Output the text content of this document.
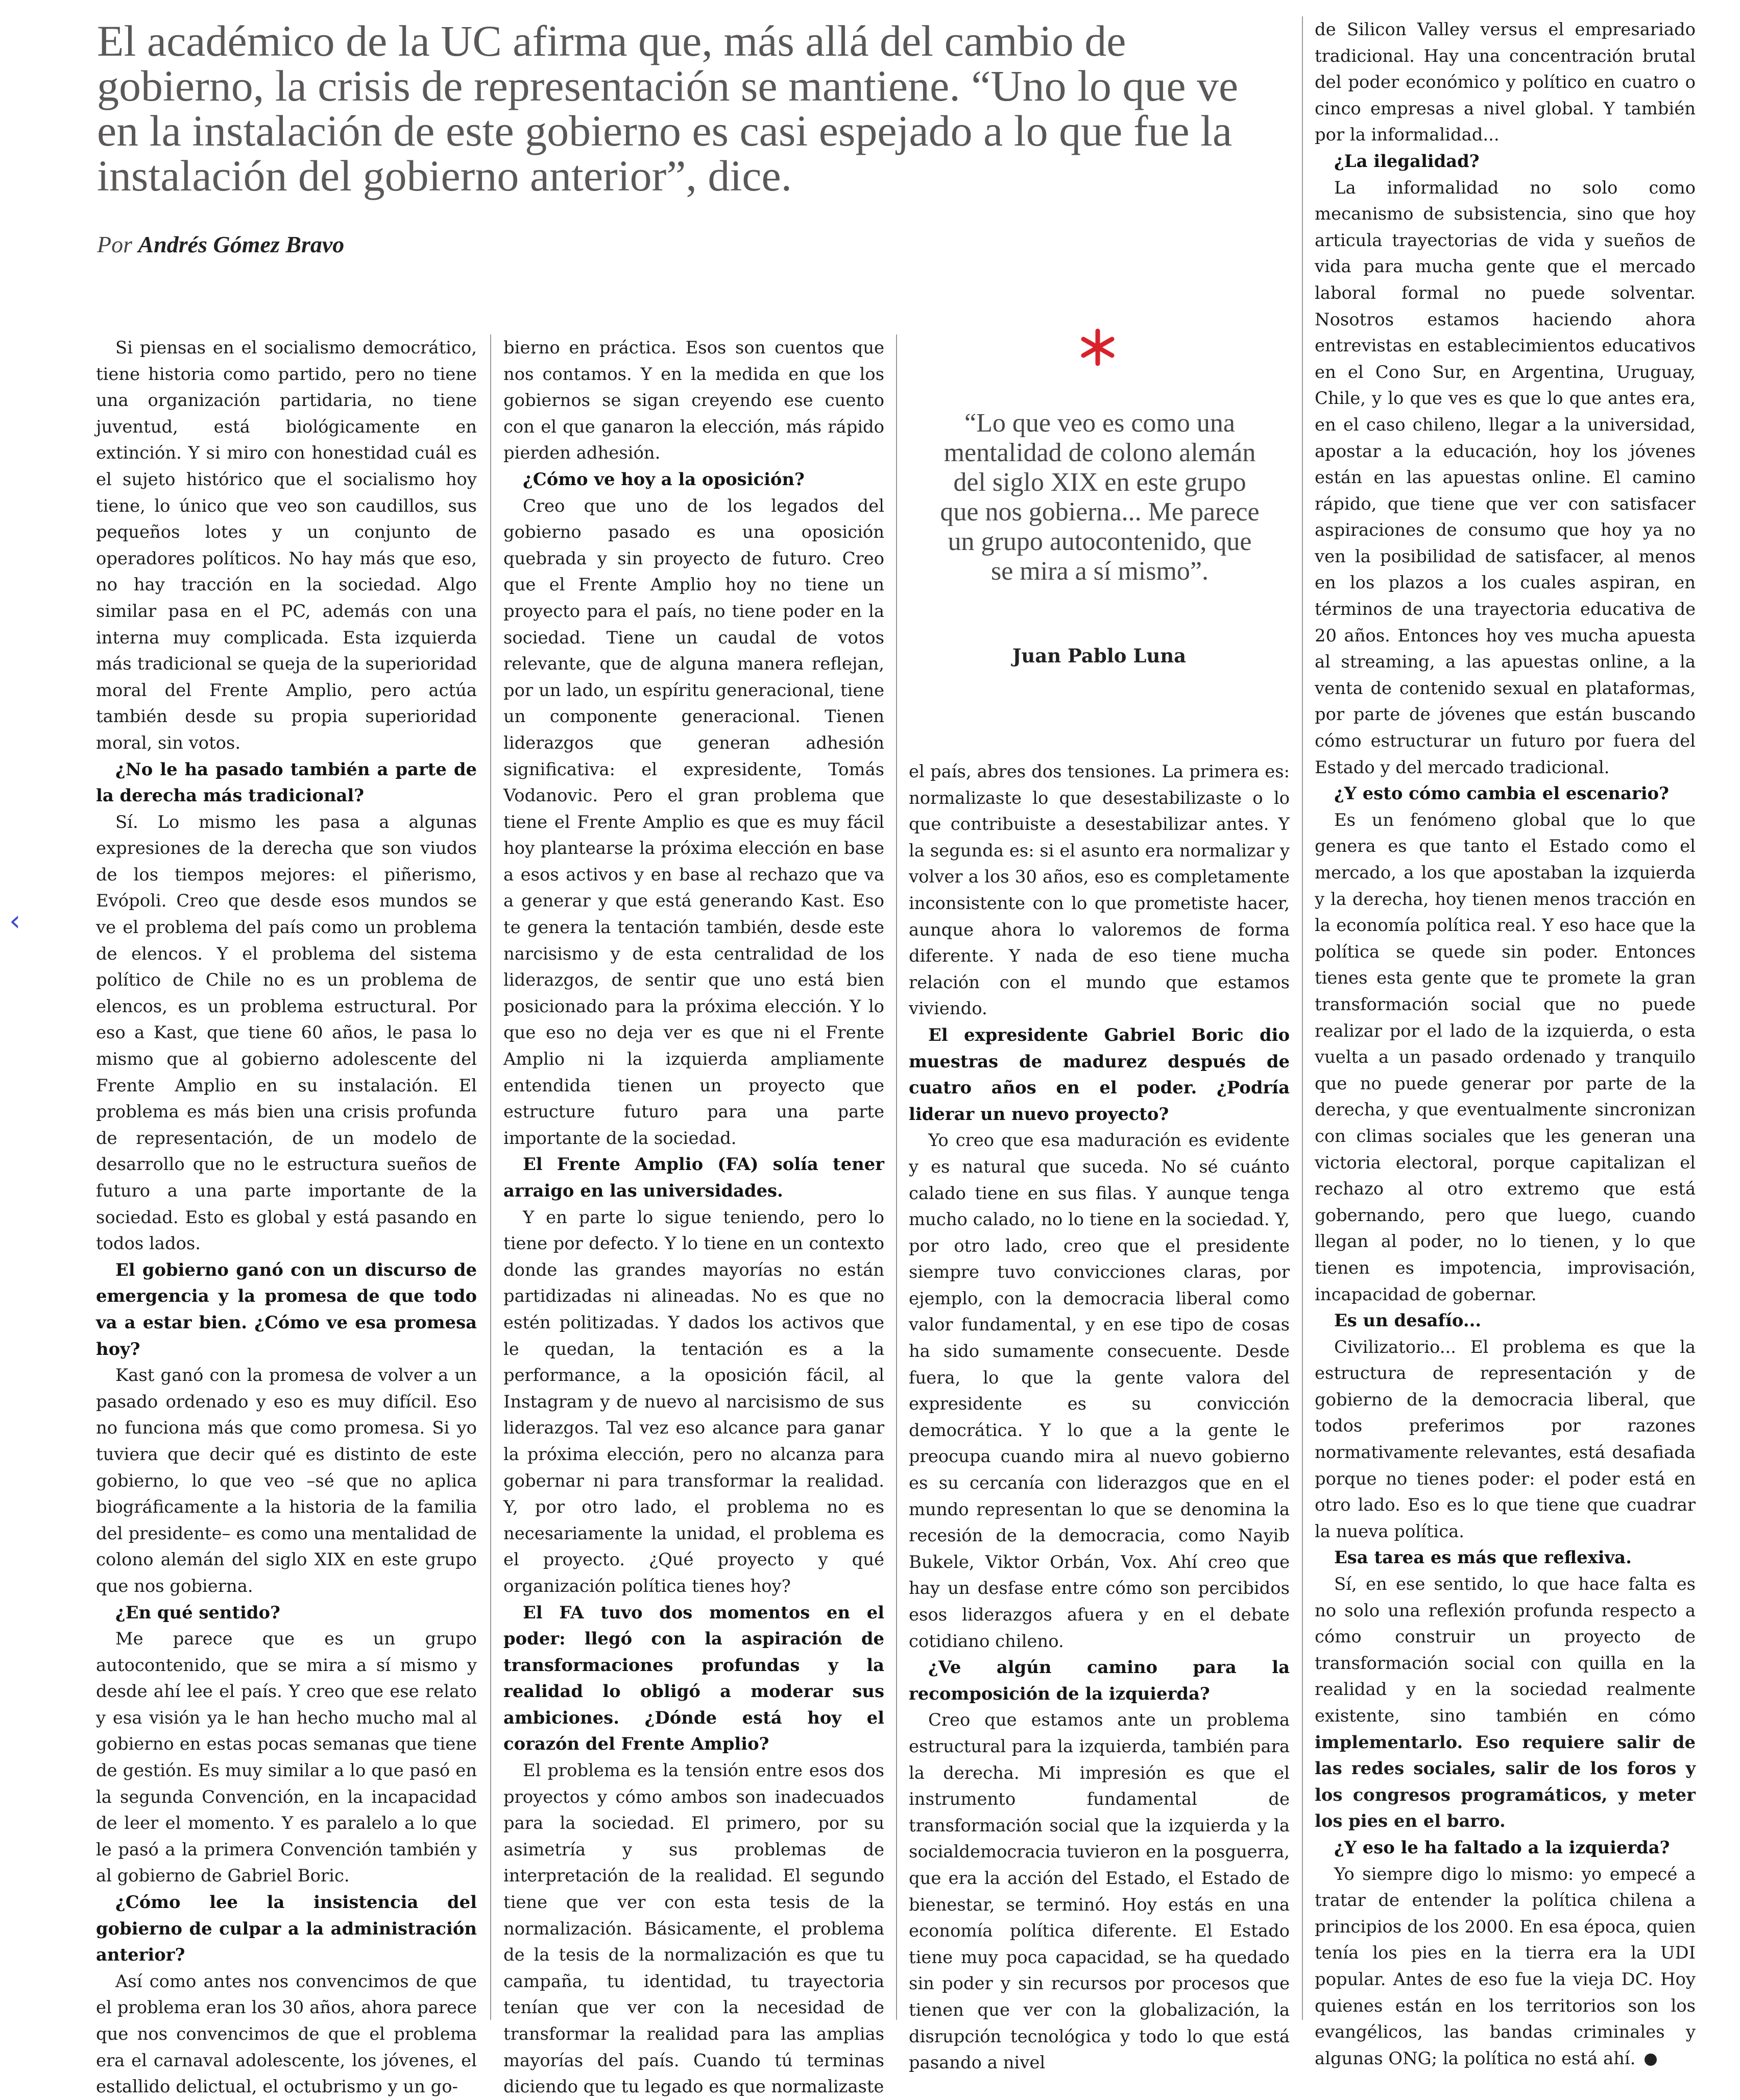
El académico de la UC afirma que, más allá del cambio de gobierno, la crisis de representación se mantiene. “Uno lo que ve en la instalación de este gobierno es casi espejado a lo que fue la instalación del gobierno anterior”, dice.
Por Andrés Gómez Bravo

Si piensas en el socialismo democrático, tiene historia como partido, pero no tiene una organización partidaria, no tiene juventud, está biológicamente en extinción. Y si miro con honestidad cuál es el sujeto histórico que el socialismo hoy tiene, lo único que veo son caudillos, sus pequeños lotes y un conjunto de operadores políticos. No hay más que eso, no hay tracción en la sociedad. Algo similar pasa en el PC, además con una interna muy complicada. Esta izquierda más tradicional se queja de la superioridad moral del Frente Amplio, pero actúa también desde su propia superioridad moral, sin votos.

¿No le ha pasado también a parte de la derecha más tradicional?

Sí. Lo mismo les pasa a algunas expresiones de la derecha que son viudos de los tiempos mejores: el piñerismo, Evópoli. Creo que desde esos mundos se ve el problema del país como un problema de elencos. Y el problema del sistema político de Chile no es un problema de elencos, es un problema estructural. Por eso a Kast, que tiene 60 años, le pasa lo mismo que al gobierno adolescente del Frente Amplio en su instalación. El problema es más bien una crisis profunda de representación, de un modelo de desarrollo que no le estructura sueños de futuro a una parte importante de la sociedad. Esto es global y está pasando en todos lados.

El gobierno ganó con un discurso de emergencia y la promesa de que todo va a estar bien. ¿Cómo ve esa promesa hoy?

Kast ganó con la promesa de volver a un pasado ordenado y eso es muy difícil. Eso no funciona más que como promesa. Si yo tuviera que decir qué es distinto de este gobierno, lo que veo –sé que no aplica biográficamente a la historia de la familia del presidente– es como una mentalidad de colono alemán del siglo XIX en este grupo que nos gobierna.

¿En qué sentido?

Me parece que es un grupo autocontenido, que se mira a sí mismo y desde ahí lee el país. Y creo que ese relato y esa visión ya le han hecho mucho mal al gobierno en estas pocas semanas que tiene de gestión. Es muy similar a lo que pasó en la segunda Convención, en la incapacidad de leer el momento. Y es paralelo a lo que le pasó a la primera Convención también y al gobierno de Gabriel Boric.

¿Cómo lee la insistencia del gobierno de culpar a la administración anterior?

Así como antes nos convencimos de que el problema eran los 30 años, ahora parece que nos convencimos de que el problema era el carnaval adolescente, los jóvenes, el estallido delictual, el octubrismo y un go-

bierno en práctica. Esos son cuentos que nos contamos. Y en la medida en que los gobiernos se sigan creyendo ese cuento con el que ganaron la elección, más rápido pierden adhesión.

¿Cómo ve hoy a la oposición?

Creo que uno de los legados del gobierno pasado es una oposición quebrada y sin proyecto de futuro. Creo que el Frente Amplio hoy no tiene un proyecto para el país, no tiene poder en la sociedad. Tiene un caudal de votos relevante, que de alguna manera reflejan, por un lado, un espíritu generacional, tiene un componente generacional. Tienen liderazgos que generan adhesión significativa: el expresidente, Tomás Vodanovic. Pero el gran problema que tiene el Frente Amplio es que es muy fácil hoy plantearse la próxima elección en base a esos activos y en base al rechazo que va a generar y que está generando Kast. Eso te genera la tentación también, desde este narcisismo y de esta centralidad de los liderazgos, de sentir que uno está bien posicionado para la próxima elección. Y lo que eso no deja ver es que ni el Frente Amplio ni la izquierda ampliamente entendida tienen un proyecto que estructure futuro para una parte importante de la sociedad.

El Frente Amplio (FA) solía tener arraigo en las universidades.

Y en parte lo sigue teniendo, pero lo tiene por defecto. Y lo tiene en un contexto donde las grandes mayorías no están partidizadas ni alineadas. No es que no estén politizadas. Y dados los activos que le quedan, la tentación es a la performance, a la oposición fácil, al Instagram y de nuevo al narcisismo de sus liderazgos. Tal vez eso alcance para ganar la próxima elección, pero no alcanza para gobernar ni para transformar la realidad. Y, por otro lado, el problema no es necesariamente la unidad, el problema es el proyecto. ¿Qué proyecto y qué organización política tienes hoy?

El FA tuvo dos momentos en el poder: llegó con la aspiración de transformaciones profundas y la realidad lo obligó a moderar sus ambiciones. ¿Dónde está hoy el corazón del Frente Amplio?

El problema es la tensión entre esos dos proyectos y cómo ambos son inadecuados para la sociedad. El primero, por su asimetría y sus problemas de interpretación de la realidad. El segundo tiene que ver con esta tesis de la normalización. Básicamente, el problema de la tesis de la normalización es que tu campaña, tu identidad, tu trayectoria tenían que ver con la necesidad de transformar la realidad para las amplias mayorías del país. Cuando tú terminas diciendo que tu legado es que normalizaste

el país, abres dos tensiones. La primera es: normalizaste lo que desestabilizaste o lo que contribuiste a desestabilizar antes. Y la segunda es: si el asunto era normalizar y volver a los 30 años, eso es completamente inconsistente con lo que prometiste hacer, aunque ahora lo valoremos de forma diferente. Y nada de eso tiene mucha relación con el mundo que estamos viviendo.

El expresidente Gabriel Boric dio muestras de madurez después de cuatro años en el poder. ¿Podría liderar un nuevo proyecto?

Yo creo que esa maduración es evidente y es natural que suceda. No sé cuánto calado tiene en sus filas. Y aunque tenga mucho calado, no lo tiene en la sociedad. Y, por otro lado, creo que el presidente siempre tuvo convicciones claras, por ejemplo, con la democracia liberal como valor fundamental, y en ese tipo de cosas ha sido sumamente consecuente. Desde fuera, lo que la gente valora del expresidente es su convicción democrática. Y lo que a la gente le preocupa cuando mira al nuevo gobierno es su cercanía con liderazgos que en el mundo representan lo que se denomina la recesión de la democracia, como Nayib Bukele, Viktor Orbán, Vox. Ahí creo que hay un desfase entre cómo son percibidos esos liderazgos afuera y en el debate cotidiano chileno.

¿Ve algún camino para la recomposición de la izquierda?

Creo que estamos ante un problema estructural para la izquierda, también para la derecha. Mi impresión es que el instrumento fundamental de transformación social que la izquierda y la socialdemocracia tuvieron en la posguerra, que era la acción del Estado, el Estado de bienestar, se terminó. Hoy estás en una economía política diferente. El Estado tiene muy poca capacidad, se ha quedado sin poder y sin recursos por procesos que tienen que ver con la globalización, la disrupción tecnológica y todo lo que está pasando a nivel

de Silicon Valley versus el empresariado tradicional. Hay una concentración brutal del poder económico y político en cuatro o cinco empresas a nivel global. Y también por la informalidad...

¿La ilegalidad?

La informalidad no solo como mecanismo de subsistencia, sino que hoy articula trayectorias de vida y sueños de vida para mucha gente que el mercado laboral formal no puede solventar. Nosotros estamos haciendo ahora entrevistas en establecimientos educativos en el Cono Sur, en Argentina, Uruguay, Chile, y lo que ves es que lo que antes era, en el caso chileno, llegar a la universidad, apostar a la educación, hoy los jóvenes están en las apuestas online. El camino rápido, que tiene que ver con satisfacer aspiraciones de consumo que hoy ya no ven la posibilidad de satisfacer, al menos en los plazos a los cuales aspiran, en términos de una trayectoria educativa de 20 años. Entonces hoy ves mucha apuesta al streaming, a las apuestas online, a la venta de contenido sexual en plataformas, por parte de jóvenes que están buscando cómo estructurar un futuro por fuera del Estado y del mercado tradicional.

¿Y esto cómo cambia el escenario?

Es un fenómeno global que lo que genera es que tanto el Estado como el mercado, a los que apostaban la izquierda y la derecha, hoy tienen menos tracción en la economía política real. Y eso hace que la política se quede sin poder. Entonces tienes esta gente que te promete la gran transformación social que no puede realizar por el lado de la izquierda, o esta vuelta a un pasado ordenado y tranquilo que no puede generar por parte de la derecha, y que eventualmente sincronizan con climas sociales que les generan una victoria electoral, porque capitalizan el rechazo al otro extremo que está gobernando, pero que luego, cuando llegan al poder, no lo tienen, y lo que tienen es impotencia, improvisación, incapacidad de gobernar.

Es un desafío...

Civilizatorio... El problema es que la estructura de representación y de gobierno de la democracia liberal, que todos preferimos por razones normativamente relevantes, está desafiada porque no tienes poder: el poder está en otro lado. Eso es lo que tiene que cuadrar la nueva política.

Esa tarea es más que reflexiva.

Sí, en ese sentido, lo que hace falta es no solo una reflexión profunda respecto a cómo construir un proyecto de transformación social con quilla en la realidad y en la sociedad realmente existente, sino también en cómo implementarlo. Eso requiere salir de las redes sociales, salir de los foros y los congresos programáticos, y meter los pies en el barro.

¿Y eso le ha faltado a la izquierda?

Yo siempre digo lo mismo: yo empecé a tratar de entender la política chilena a principios de los 2000. En esa época, quien tenía los pies en la tierra era la UDI popular. Antes de eso fue la vieja DC. Hoy quienes están en los territorios son los evangélicos, las bandas criminales y algunas ONG; la política no está ahí.

“Lo que veo es como una mentalidad de colono alemán del siglo XIX en este grupo que nos gobierna... Me parece un grupo autocontenido, que se mira a sí mismo”.
Juan Pablo Luna
‹
